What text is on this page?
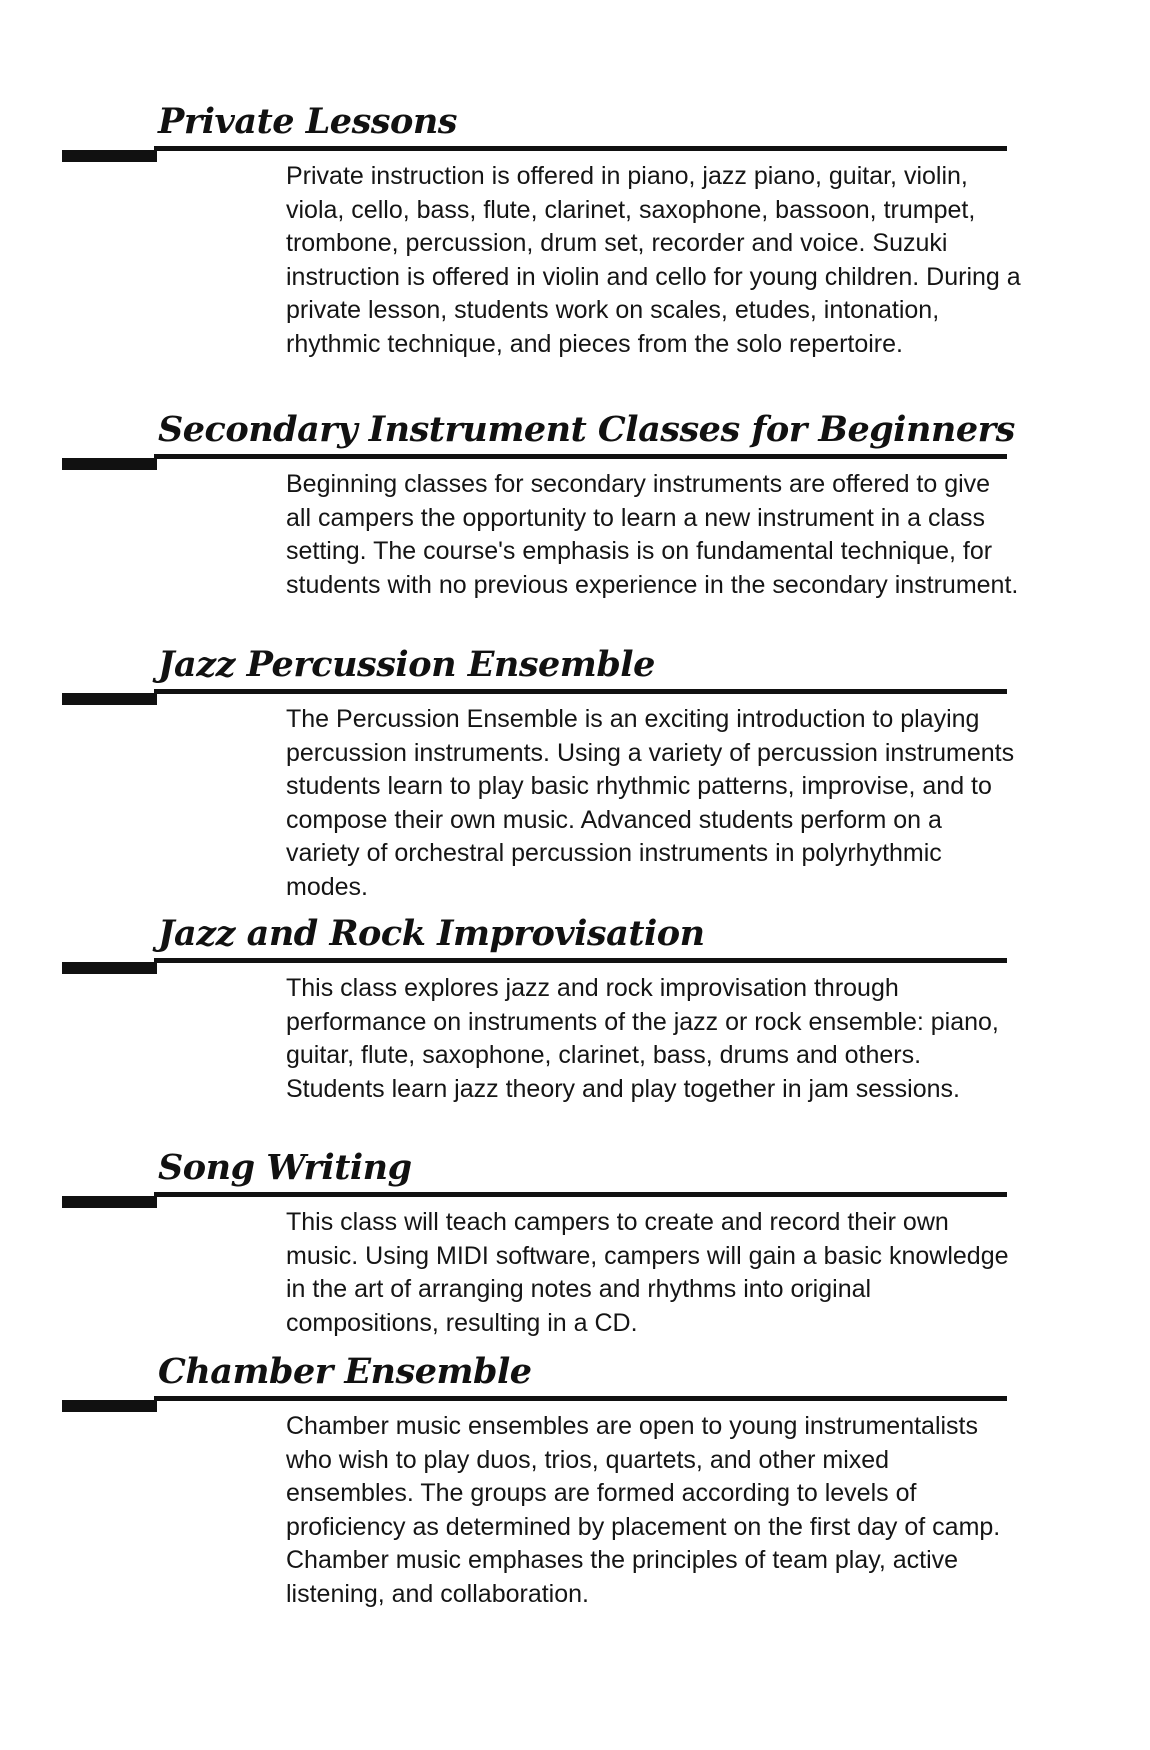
Private Lessons

Private instruction is offered in piano, jazz piano, guitar, violin, viola, cello, bass, flute, clarinet, saxophone, bassoon, trumpet, trombone, percussion, drum set, recorder and voice. Suzuki instruction is offered in violin and cello for young children. During a private lesson, students work on scales, etudes, intonation, rhythmic technique, and pieces from the solo repertoire.

Secondary Instrument Classes for Beginners

Beginning classes for secondary instruments are offered to give all campers the opportunity to learn a new instrument in a class setting. The course's emphasis is on fundamental technique, for students with no previous experience in the secondary instrument.

Jazz Percussion Ensemble

The Percussion Ensemble is an exciting introduction to playing percussion instruments. Using a variety of percussion instruments students learn to play basic rhythmic patterns, improvise, and to compose their own music. Advanced students perform on a variety of orchestral percussion instruments in polyrhythmic modes.

Jazz and Rock Improvisation

This class explores jazz and rock improvisation through performance on instruments of the jazz or rock ensemble: piano, guitar, flute, saxophone, clarinet, bass, drums and others. Students learn jazz theory and play together in jam sessions.

Song Writing

This class will teach campers to create and record their own music. Using MIDI software, campers will gain a basic knowledge in the art of arranging notes and rhythms into original compositions, resulting in a CD.

Chamber Ensemble

Chamber music ensembles are open to young instrumentalists who wish to play duos, trios, quartets, and other mixed ensembles. The groups are formed according to levels of proficiency as determined by placement on the first day of camp. Chamber music emphases the principles of team play, active listening, and collaboration.
